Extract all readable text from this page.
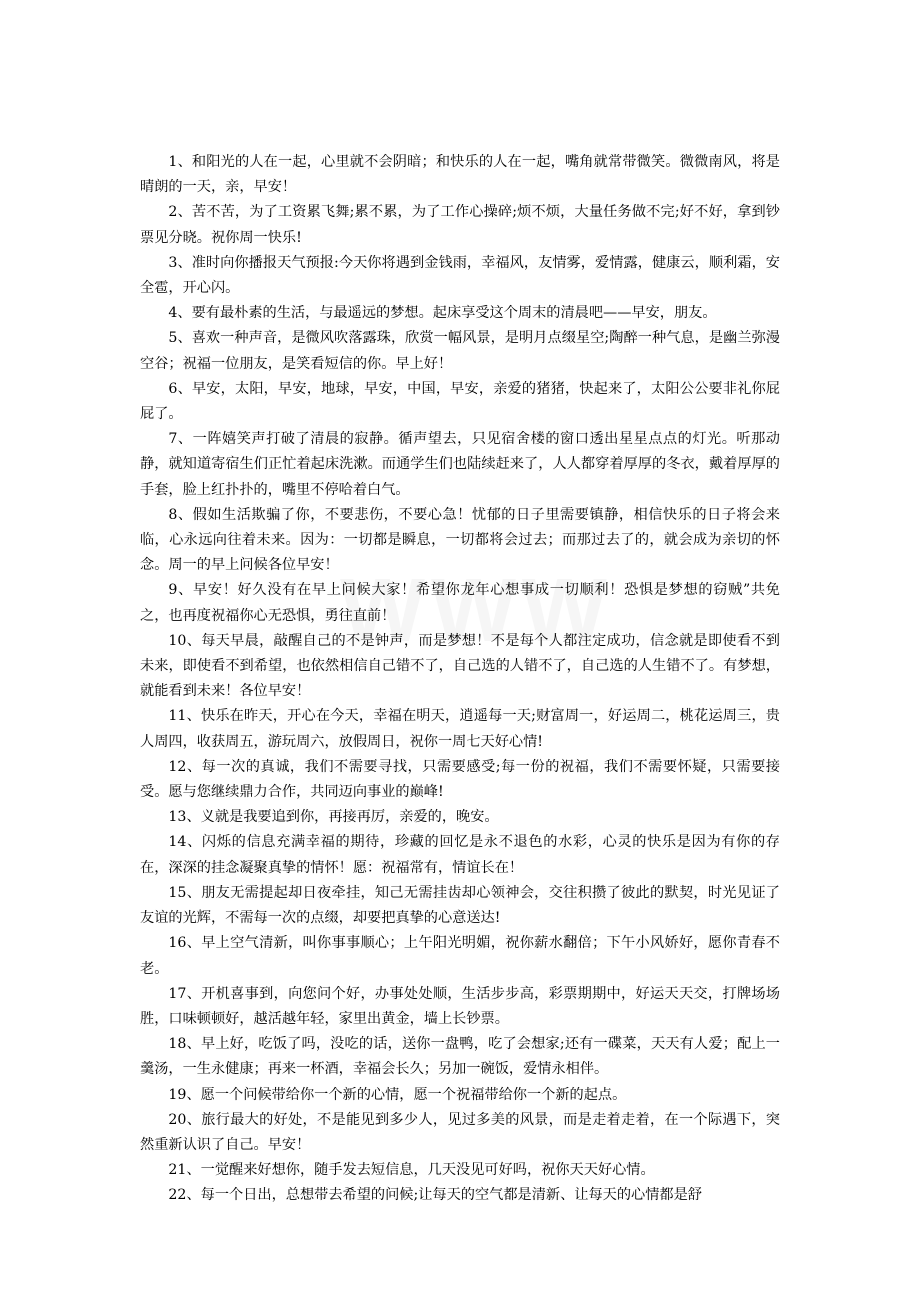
1、和阳光的人在一起，心里就不会阴暗；和快乐的人在一起，嘴角就常带微笑。微微南风，将是晴朗的一天，亲，早安！

2、苦不苦，为了工资累飞舞;累不累，为了工作心操碎;烦不烦，大量任务做不完;好不好，拿到钞票见分晓。祝你周一快乐!

3、准时向你播报天气预报:今天你将遇到金钱雨，幸福风，友情雾，爱情露，健康云，顺利霜，安全雹，开心闪。

4、要有最朴素的生活，与最遥远的梦想。起床享受这个周末的清晨吧——早安，朋友。

5、喜欢一种声音，是微风吹落露珠，欣赏一幅风景，是明月点缀星空;陶醉一种气息，是幽兰弥漫空谷；祝福一位朋友，是笑看短信的你。早上好！

6、早安，太阳，早安，地球，早安，中国，早安，亲爱的猪猪，快起来了，太阳公公要非礼你屁屁了。

7、一阵嬉笑声打破了清晨的寂静。循声望去，只见宿舍楼的窗口透出星星点点的灯光。听那动静，就知道寄宿生们正忙着起床洗漱。而通学生们也陆续赶来了，人人都穿着厚厚的冬衣，戴着厚厚的手套，脸上红扑扑的，嘴里不停哈着白气。

8、假如生活欺骗了你，不要悲伤，不要心急！忧郁的日子里需要镇静，相信快乐的日子将会来临，心永远向往着未来。因为：一切都是瞬息，一切都将会过去；而那过去了的，就会成为亲切的怀念。周一的早上问候各位早安！

9、早安！好久没有在早上问候大家！希望你龙年心想事成一切顺利！恐惧是梦想的窃贼”共免之，也再度祝福你心无恐惧，勇往直前！

10、每天早晨，敲醒自己的不是钟声，而是梦想！不是每个人都注定成功，信念就是即使看不到未来，即使看不到希望，也依然相信自己错不了，自己选的人错不了，自己选的人生错不了。有梦想，就能看到未来！各位早安！

11、快乐在昨天，开心在今天，幸福在明天，逍遥每一天;财富周一，好运周二，桃花运周三，贵人周四，收获周五，游玩周六，放假周日，祝你一周七天好心情!

12、每一次的真诚，我们不需要寻找，只需要感受;每一份的祝福，我们不需要怀疑，只需要接受。愿与您继续鼎力合作，共同迈向事业的巅峰!

13、义就是我要追到你，再接再厉，亲爱的，晚安。

14、闪烁的信息充满幸福的期待，珍藏的回忆是永不退色的水彩，心灵的快乐是因为有你的存在，深深的挂念凝聚真挚的情怀！愿：祝福常有，情谊长在！

15、朋友无需提起却日夜牵挂，知己无需挂齿却心领神会，交往积攒了彼此的默契，时光见证了友谊的光辉，不需每一次的点缀，却要把真挚的心意送达!

16、早上空气清新，叫你事事顺心；上午阳光明媚，祝你薪水翻倍；下午小风娇好，愿你青春不老。

17、开机喜事到，向您问个好，办事处处顺，生活步步高，彩票期期中，好运天天交，打牌场场胜，口味顿顿好，越活越年轻，家里出黄金，墙上长钞票。

18、早上好，吃饭了吗，没吃的话，送你一盘鸭，吃了会想家;还有一碟菜，天天有人爱；配上一羹汤，一生永健康；再来一杯酒，幸福会长久；另加一碗饭，爱情永相伴。

19、愿一个问候带给你一个新的心情，愿一个祝福带给你一个新的起点。

20、旅行最大的好处，不是能见到多少人，见过多美的风景，而是走着走着，在一个际遇下，突然重新认识了自己。早安！

21、一觉醒来好想你，随手发去短信息，几天没见可好吗，祝你天天好心情。

22、每一个日出，总想带去希望的问候;让每天的空气都是清新、让每天的心情都是舒
